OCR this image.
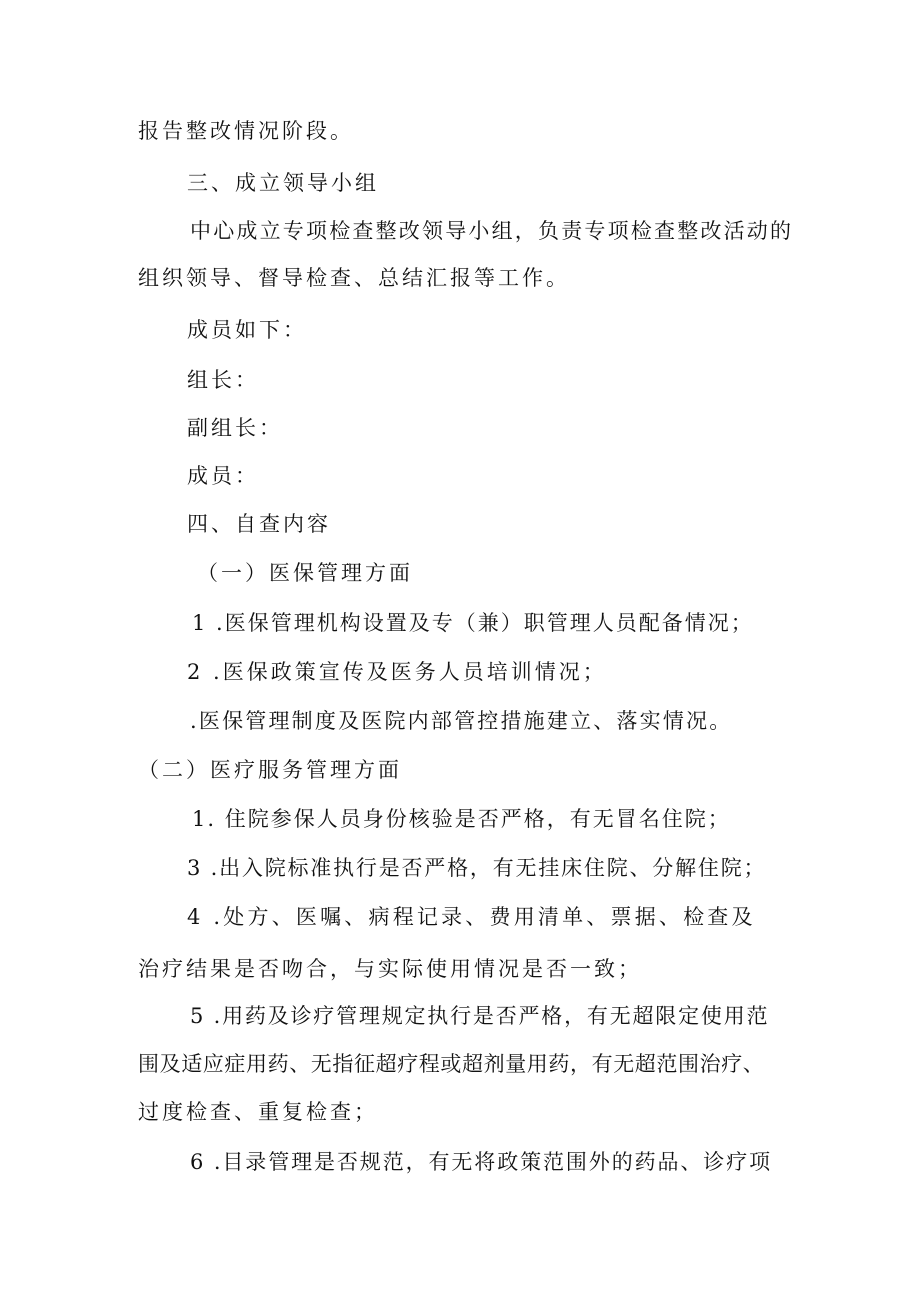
报告整改情况阶段。
三、成立领导小组
中心成立专项检查整改领导小组，负责专项检查整改活动的
组织领导、督导检查、总结汇报等工作。
成员如下：
组长：
副组长：
成员：
四、自查内容
（一）医保管理方面
1 .医保管理机构设置及专（兼）职管理人员配备情况；
2 .医保政策宣传及医务人员培训情况；
.医保管理制度及医院内部管控措施建立、落实情况。
（二）医疗服务管理方面
1. 住院参保人员身份核验是否严格，有无冒名住院；
3 .出入院标准执行是否严格，有无挂床住院、分解住院；
4 .处方、医嘱、病程记录、费用清单、票据、检查及
治疗结果是否吻合，与实际使用情况是否一致；
5 .用药及诊疗管理规定执行是否严格，有无超限定使用范
围及适应症用药、无指征超疗程或超剂量用药，有无超范围治疗、
过度检查、重复检查；
6 .目录管理是否规范，有无将政策范围外的药品、诊疗项
